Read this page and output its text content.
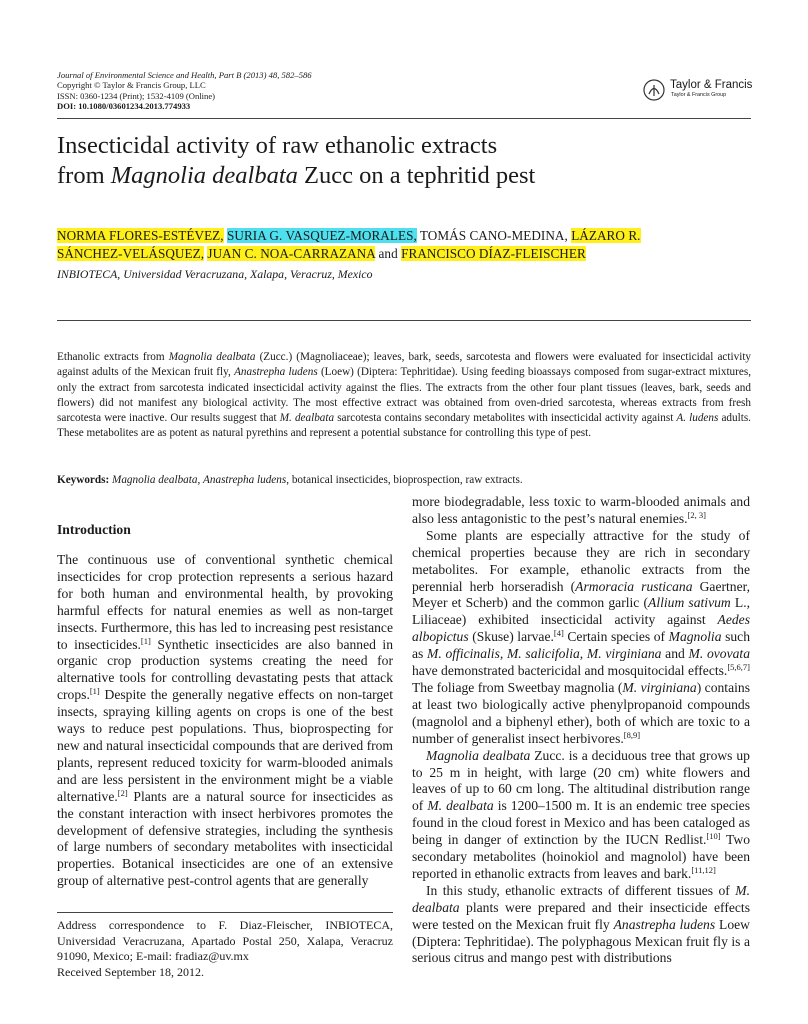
Journal of Environmental Science and Health, Part B (2013) 48, 582–586
Copyright © Taylor & Francis Group, LLC
ISSN: 0360-1234 (Print); 1532-4109 (Online)
DOI: 10.1080/03601234.2013.774933
Taylor & Francis
Taylor & Francis Group
Insecticidal activity of raw ethanolic extracts
from Magnolia dealbata Zucc on a tephritid pest
NORMA FLORES-ESTÉVEZ, SURIA G. VASQUEZ-MORALES, TOMÁS CANO-MEDINA, LÁZARO R.
SÁNCHEZ-VELÁSQUEZ, JUAN C. NOA-CARRAZANA and FRANCISCO DÍAZ-FLEISCHER
INBIOTECA, Universidad Veracruzana, Xalapa, Veracruz, Mexico
Ethanolic extracts from Magnolia dealbata (Zucc.) (Magnoliaceae); leaves, bark, seeds, sarcotesta and flowers were evaluated for insecticidal activity against adults of the Mexican fruit fly, Anastrepha ludens (Loew) (Diptera: Tephritidae). Using feeding bioassays composed from sugar-extract mixtures, only the extract from sarcotesta indicated insecticidal activity against the flies. The extracts from the other four plant tissues (leaves, bark, seeds and flowers) did not manifest any biological activity. The most effective extract was obtained from oven-dried sarcotesta, whereas extracts from fresh sarcotesta were inactive. Our results suggest that M. dealbata sarcotesta contains secondary metabolites with insecticidal activity against A. ludens adults. These metabolites are as potent as natural pyrethins and represent a potential substance for controlling this type of pest.
Keywords: Magnolia dealbata, Anastrepha ludens, botanical insecticides, bioprospection, raw extracts.
Introduction

The continuous use of conventional synthetic chemical insecticides for crop protection represents a serious hazard for both human and environmental health, by provoking harmful effects for natural enemies as well as non-target insects. Furthermore, this has led to increasing pest resistance to insecticides.[1] Synthetic insecticides are also banned in organic crop production systems creating the need for alternative tools for controlling devastating pests that attack crops.[1] Despite the generally negative effects on non-target insects, spraying killing agents on crops is one of the best ways to reduce pest populations. Thus, bioprospecting for new and natural insecticidal compounds that are derived from plants, represent reduced toxicity for warm-blooded animals and are less persistent in the environment might be a viable alternative.[2] Plants are a natural source for insecticides as the constant interaction with insect herbivores promotes the development of defensive strategies, including the synthesis of large numbers of secondary metabolites with insecticidal properties. Botanical insecticides are one of an extensive group of alternative pest-control agents that are generally

more biodegradable, less toxic to warm-blooded animals and also less antagonistic to the pest’s natural enemies.[2, 3]

Some plants are especially attractive for the study of chemical properties because they are rich in secondary metabolites. For example, ethanolic extracts from the perennial herb horseradish (Armoracia rusticana Gaertner, Meyer et Scherb) and the common garlic (Allium sativum L., Liliaceae) exhibited insecticidal activity against Aedes albopictus (Skuse) larvae.[4] Certain species of Magnolia such as M. officinalis, M. salicifolia, M. virginiana and M. ovovata have demonstrated bactericidal and mosquitocidal effects.[5,6,7] The foliage from Sweetbay magnolia (M. virginiana) contains at least two biologically active phenylpropanoid compounds (magnolol and a biphenyl ether), both of which are toxic to a number of generalist insect herbivores.[8,9]

Magnolia dealbata Zucc. is a deciduous tree that grows up to 25 m in height, with large (20 cm) white flowers and leaves of up to 60 cm long. The altitudinal distribution range of M. dealbata is 1200–1500 m. It is an endemic tree species found in the cloud forest in Mexico and has been cataloged as being in danger of extinction by the IUCN Redlist.[10] Two secondary metabolites (hoinokiol and magnolol) have been reported in ethanolic extracts from leaves and bark.[11,12]

In this study, ethanolic extracts of different tissues of M. dealbata plants were prepared and their insecticide effects were tested on the Mexican fruit fly Anastrepha ludens Loew (Diptera: Tephritidae). The polyphagous Mexican fruit fly is a serious citrus and mango pest with distributions

Address correspondence to F. Diaz-Fleischer, INBIOTECA, Universidad Veracruzana, Apartado Postal 250, Xalapa, Veracruz 91090, Mexico; E-mail: fradiaz@uv.mx
Received September 18, 2012.
